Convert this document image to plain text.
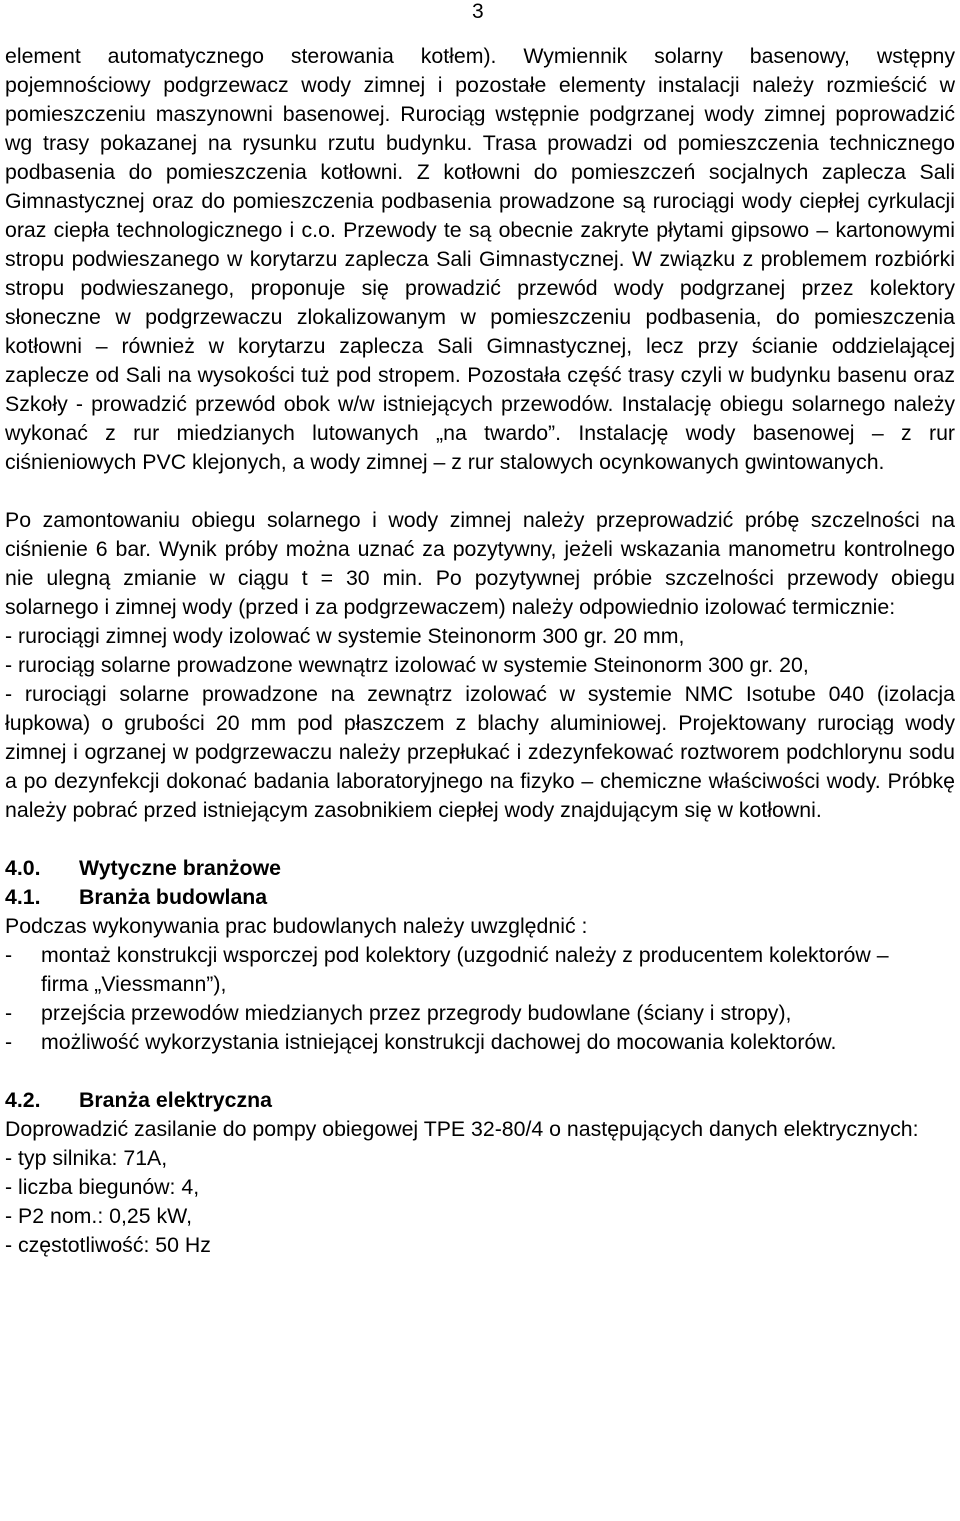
3

element automatycznego sterowania kotłem). Wymiennik solarny basenowy, wstępny pojemnościowy podgrzewacz wody zimnej i pozostałe elementy instalacji należy rozmieścić w pomieszczeniu maszynowni basenowej. Rurociąg wstępnie podgrzanej wody zimnej poprowadzić wg trasy pokazanej na rysunku rzutu budynku. Trasa prowadzi od pomieszczenia technicznego podbasenia do pomieszczenia kotłowni. Z kotłowni do pomieszczeń socjalnych zaplecza Sali Gimnastycznej oraz do pomieszczenia podbasenia prowadzone są rurociągi wody ciepłej cyrkulacji oraz ciepła technologicznego i c.o. Przewody te są obecnie zakryte płytami gipsowo – kartonowymi stropu podwieszanego w korytarzu zaplecza Sali Gimnastycznej. W związku z problemem rozbiórki stropu podwieszanego, proponuje się prowadzić przewód wody podgrzanej przez kolektory słoneczne w podgrzewaczu zlokalizowanym w pomieszczeniu podbasenia, do pomieszczenia kotłowni – również w korytarzu zaplecza Sali Gimnastycznej, lecz przy ścianie oddzielającej zaplecze od Sali na wysokości tuż pod stropem. Pozostała część trasy czyli w budynku basenu oraz Szkoły - prowadzić przewód obok w/w istniejących przewodów. Instalację obiegu solarnego należy wykonać z rur miedzianych lutowanych „na twardo”. Instalację wody basenowej – z rur ciśnieniowych PVC klejonych, a wody zimnej – z rur stalowych ocynkowanych gwintowanych.

Po zamontowaniu obiegu solarnego i wody zimnej należy przeprowadzić próbę szczelności na ciśnienie 6 bar. Wynik próby można uznać za pozytywny, jeżeli wskazania manometru kontrolnego nie ulegną zmianie w ciągu t = 30 min. Po pozytywnej próbie szczelności przewody obiegu solarnego i zimnej wody (przed i za podgrzewaczem) należy odpowiednio izolować termicznie:

- rurociągi zimnej wody izolować w systemie Steinonorm 300 gr. 20 mm,

- rurociąg solarne prowadzone wewnątrz izolować w systemie Steinonorm 300 gr. 20,

- rurociągi solarne prowadzone na zewnątrz izolować w systemie NMC Isotube 040 (izolacja łupkowa) o grubości 20 mm pod płaszczem z blachy aluminiowej. Projektowany rurociąg wody zimnej i ogrzanej w podgrzewaczu należy przepłukać i zdezynfekować roztworem podchlorynu sodu a po dezynfekcji dokonać badania laboratoryjnego na fizyko – chemiczne właściwości wody. Próbkę należy pobrać przed istniejącym zasobnikiem ciepłej wody znajdującym się w kotłowni.

4.0.	Wytyczne branżowe
4.1.	Branża budowlana

Podczas wykonywania prac budowlanych należy uwzględnić :

-	montaż konstrukcji wsporczej pod kolektory (uzgodnić należy z producentem kolektorów – firma „Viessmann”),
-	przejścia przewodów miedzianych przez przegrody budowlane (ściany i stropy),
-	możliwość wykorzystania istniejącej konstrukcji dachowej do mocowania kolektorów.
4.2.	Branża elektryczna

Doprowadzić zasilanie do pompy obiegowej TPE 32-80/4 o następujących danych elektrycznych:

- typ silnika: 71A,

- liczba biegunów: 4,

- P2 nom.: 0,25 kW,

- częstotliwość: 50 Hz
